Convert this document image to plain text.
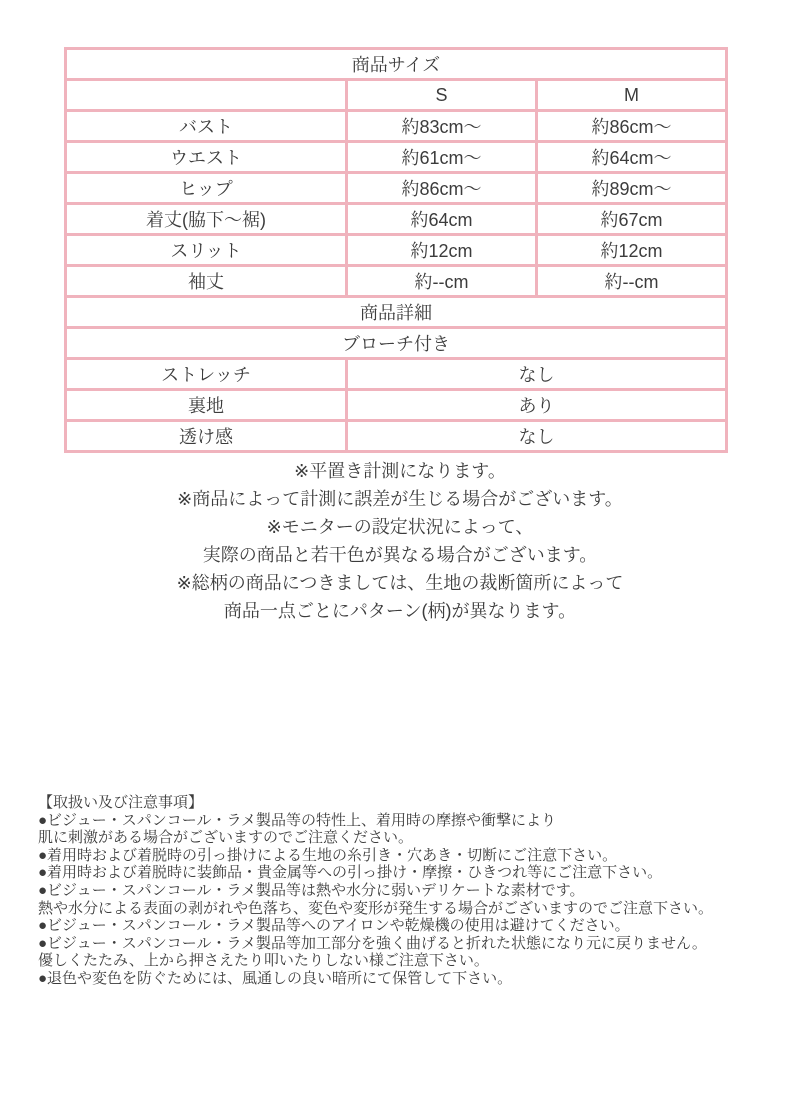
商品サイズ		
	S	M
バスト	約83cm〜	約86cm〜
ウエスト	約61cm〜	約64cm〜
ヒップ	約86cm〜	約89cm〜
着丈(脇下〜裾)	約64cm	約67cm
スリット	約12cm	約12cm
袖丈	約--cm	約--cm
商品詳細		
ブローチ付き		
ストレッチ	なし	
裏地	あり	
透け感	なし	
※平置き計測になります。
※商品によって計測に誤差が生じる場合がございます。
※モニターの設定状況によって、
実際の商品と若干色が異なる場合がございます。
※総柄の商品につきましては、生地の裁断箇所によって
商品一点ごとにパターン(柄)が異なります。
【取扱い及び注意事項】
●ビジュー・スパンコール・ラメ製品等の特性上、着用時の摩擦や衝撃により
肌に刺激がある場合がございますのでご注意ください。
●着用時および着脱時の引っ掛けによる生地の糸引き・穴あき・切断にご注意下さい。
●着用時および着脱時に装飾品・貴金属等への引っ掛け・摩擦・ひきつれ等にご注意下さい。
●ビジュー・スパンコール・ラメ製品等は熱や水分に弱いデリケートな素材です。
熱や水分による表面の剥がれや色落ち、変色や変形が発生する場合がございますのでご注意下さい。
●ビジュー・スパンコール・ラメ製品等へのアイロンや乾燥機の使用は避けてください。
●ビジュー・スパンコール・ラメ製品等加工部分を強く曲げると折れた状態になり元に戻りません。
優しくたたみ、上から押さえたり叩いたりしない様ご注意下さい。
●退色や変色を防ぐためには、風通しの良い暗所にて保管して下さい。
